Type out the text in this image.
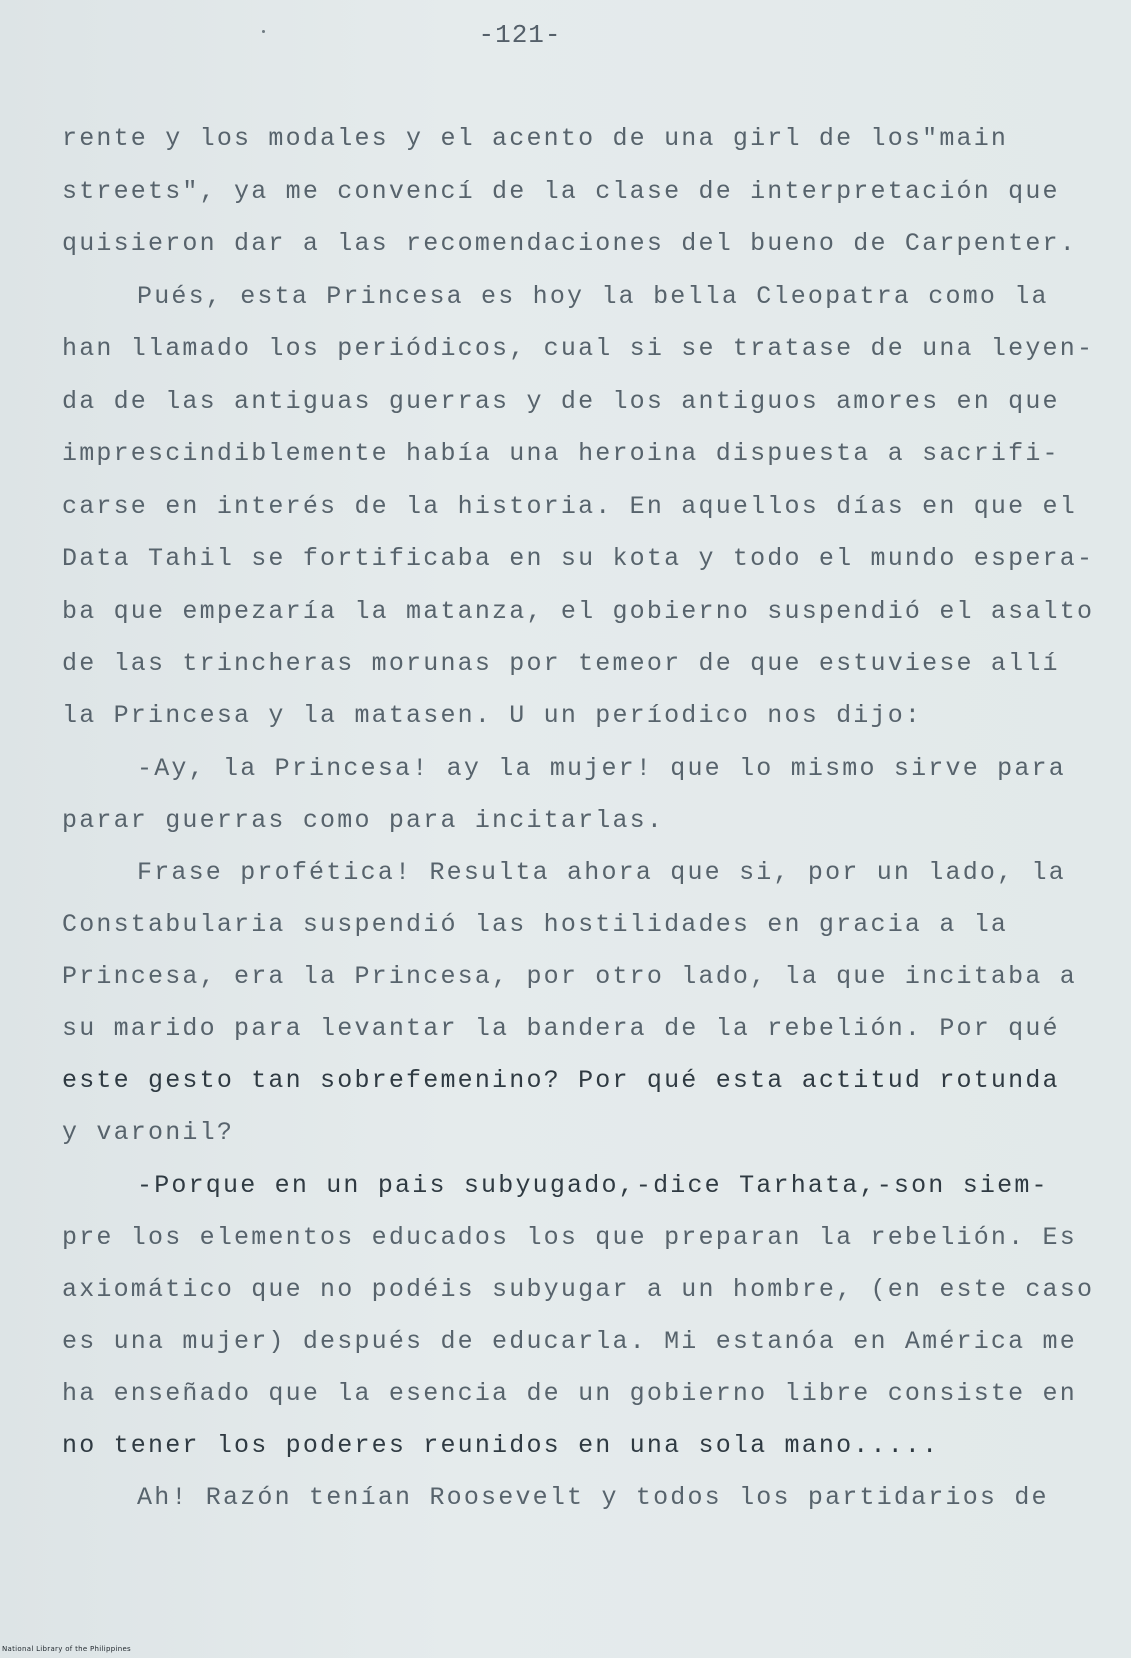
-121-

rente y los modales y el acento de una girl de los"main

streets", ya me convencí de la clase de interpretación que

quisieron dar a las recomendaciones del bueno de Carpenter.

Pués, esta Princesa es hoy la bella Cleopatra como la

han llamado los periódicos, cual si se tratase de una leyen-

da de las antiguas guerras y de los antiguos amores en que

imprescindiblemente había una heroina dispuesta a sacrifi-

carse en interés de la historia. En aquellos días en que el

Data Tahil se fortificaba en su kota y todo el mundo espera-

ba que empezaría la matanza, el gobierno suspendió el asalto

de las trincheras morunas por temeor de que estuviese allí

la Princesa y la matasen. U un períodico nos dijo:

-Ay, la Princesa! ay la mujer! que lo mismo sirve para

parar guerras como para incitarlas.

Frase profética! Resulta ahora que si, por un lado, la

Constabularia suspendió las hostilidades en gracia a la

Princesa, era la Princesa, por otro lado, la que incitaba a

su marido para levantar la bandera de la rebelión. Por qué

este gesto tan sobrefemenino? Por qué esta actitud rotunda

y varonil?

-Porque en un pais subyugado,-dice Tarhata,-son siem-

pre los elementos educados los que preparan la rebelión. Es

axiomático que no podéis subyugar a un hombre, (en este caso

es una mujer) después de educarla. Mi estanóa en América me

ha enseñado que la esencia de un gobierno libre consiste en

no tener los poderes reunidos en una sola mano.....

Ah! Razón tenían Roosevelt y todos los partidarios de

National Library of the Philippines
